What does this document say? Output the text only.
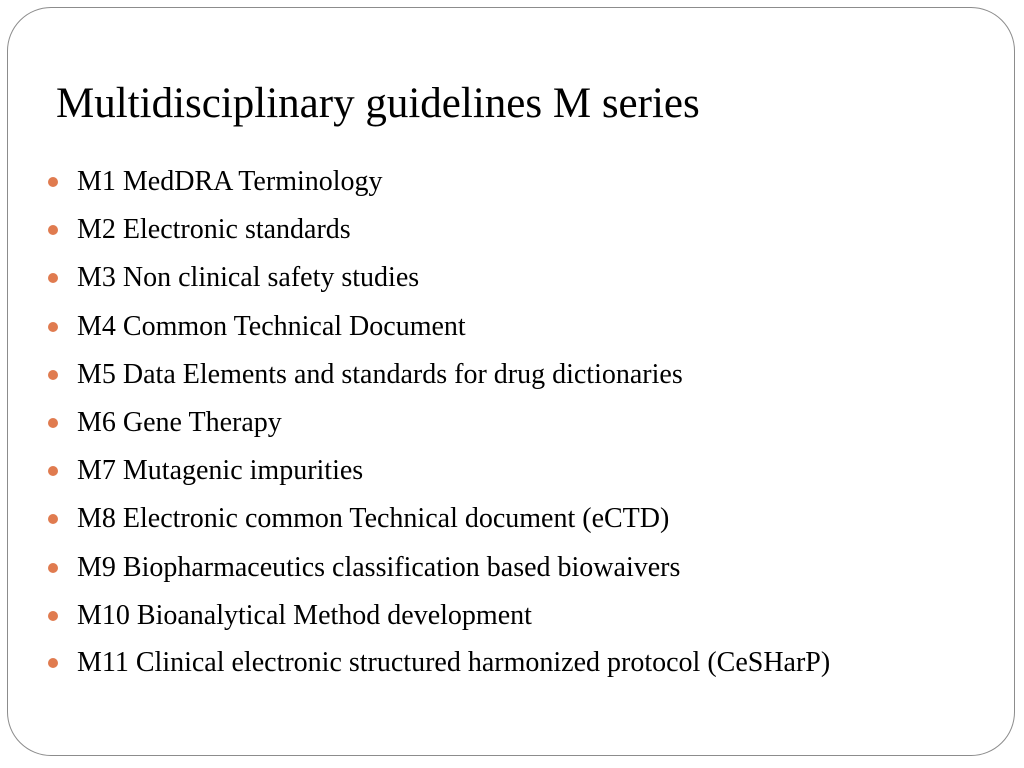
Multidisciplinary guidelines M series
M1 MedDRA Terminology
M2 Electronic standards
M3 Non clinical safety studies
M4 Common Technical Document
M5 Data Elements and standards for drug dictionaries
M6 Gene Therapy
M7 Mutagenic impurities
M8 Electronic common Technical document (eCTD)
M9 Biopharmaceutics classification based biowaivers
M10 Bioanalytical Method development
M11 Clinical electronic structured harmonized protocol (CeSHarP)
